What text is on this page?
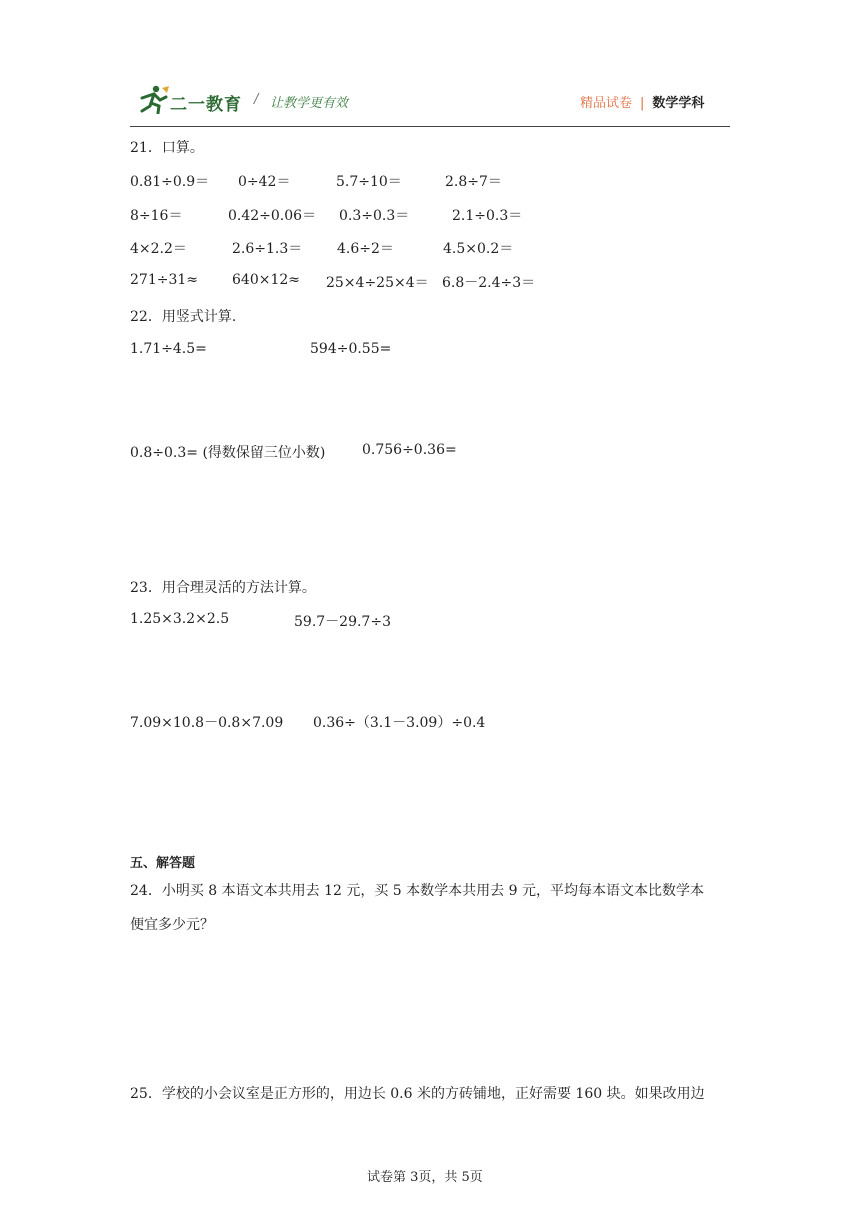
二一教育 / 让教学更有效	精品试卷 | 数学学科
21．口算。
0.81÷0.9＝ 0÷42＝	5.7÷10＝	2.8÷7＝
8÷16＝	0.42÷0.06＝ 0.3÷0.3＝	2.1÷0.3＝
4×2.2＝	2.6÷1.3＝ 4.6÷2＝	4.5×0.2＝
271÷31≈ 640×12≈ 25×4÷25×4＝ 6.8－2.4÷3＝
22．用竖式计算.
1.71÷4.5=	594÷0.55=
0.8÷0.3= (得数保留三位小数)	0.756÷0.36=
23．用合理灵活的方法计算。
1.25×3.2×2.5	59.7－29.7÷3
7.09×10.8－0.8×7.09 0.36÷（3.1－3.09）÷0.4
五、解答题
24．小明买 8 本语文本共用去 12 元，买 5 本数学本共用去 9 元，平均每本语文本比数学本
便宜多少元？
25．学校的小会议室是正方形的，用边长 0.6 米的方砖铺地，正好需要 160 块。如果改用边
试卷第 3页，共 5页
